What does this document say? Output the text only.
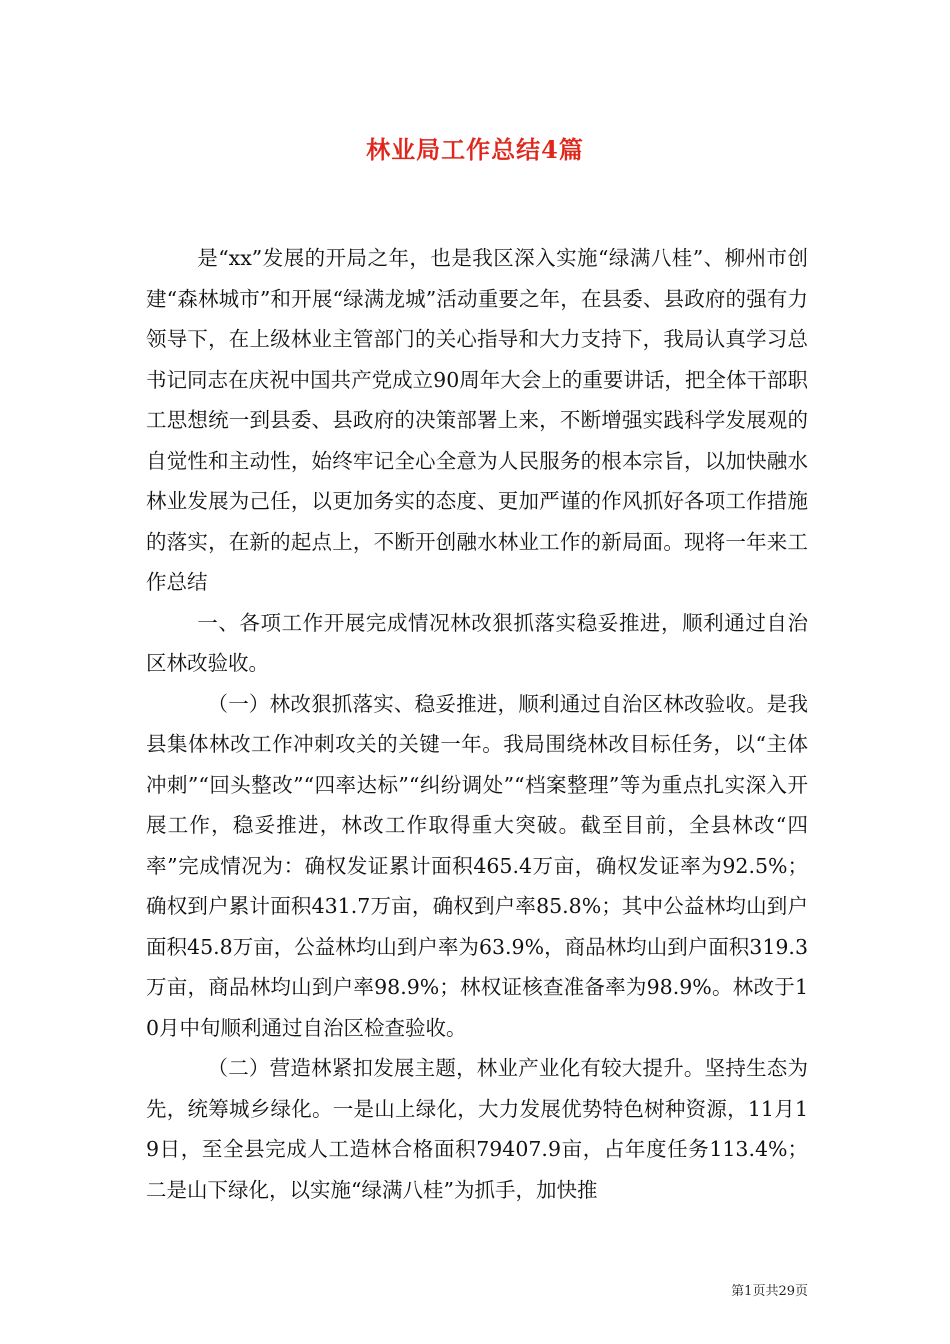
林业局工作总结4篇

是“xx”发展的开局之年，也是我区深入实施“绿满八桂”、柳州市创建“森林城市”和开展“绿满龙城”活动重要之年，在县委、县政府的强有力领导下，在上级林业主管部门的关心指导和大力支持下，我局认真学习总书记同志在庆祝中国共产党成立90周年大会上的重要讲话，把全体干部职工思想统一到县委、县政府的决策部署上来，不断增强实践科学发展观的自觉性和主动性，始终牢记全心全意为人民服务的根本宗旨，以加快融水林业发展为己任，以更加务实的态度、更加严谨的作风抓好各项工作措施的落实，在新的起点上，不断开创融水林业工作的新局面。现将一年来工作总结

一、各项工作开展完成情况林改狠抓落实稳妥推进，顺利通过自治区林改验收。

（一）林改狠抓落实、稳妥推进，顺利通过自治区林改验收。是我县集体林改工作冲刺攻关的关键一年。我局围绕林改目标任务，以“主体冲刺”“回头整改”“四率达标”“纠纷调处”“档案整理”等为重点扎实深入开展工作，稳妥推进，林改工作取得重大突破。截至目前，全县林改“四率”完成情况为：确权发证累计面积465.4万亩，确权发证率为92.5%；确权到户累计面积431.7万亩，确权到户率85.8%；其中公益林均山到户面积45.8万亩，公益林均山到户率为63.9%，商品林均山到户面积319.3万亩，商品林均山到户率98.9%；林权证核查准备率为98.9%。林改于10月中旬顺利通过自治区检查验收。

（二）营造林紧扣发展主题，林业产业化有较大提升。坚持生态为先，统筹城乡绿化。一是山上绿化，大力发展优势特色树种资源，11月19日，至全县完成人工造林合格面积79407.9亩，占年度任务113.4%；二是山下绿化，以实施“绿满八桂”为抓手，加快推

第1页共29页
